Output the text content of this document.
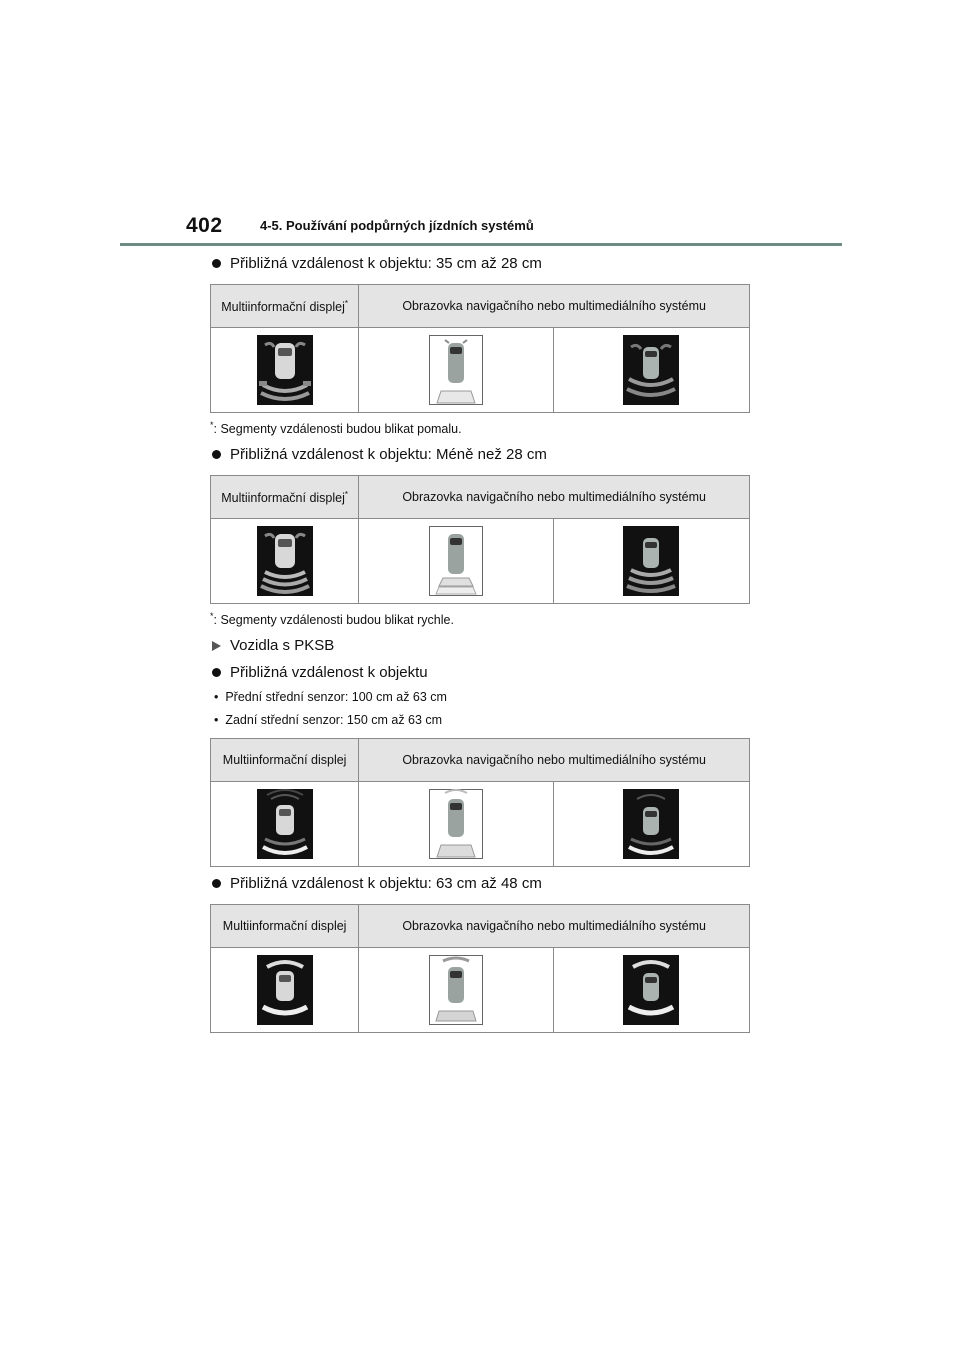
402	4-5. Používání podpůrných jízdních systémů
Přibližná vzdálenost k objektu: 35 cm až 28 cm
Multiinformační displej*	Obrazovka navigačního nebo multimediálního systému	

*: Segmenty vzdálenosti budou blikat pomalu.
Přibližná vzdálenost k objektu: Méně než 28 cm
Multiinformační displej*	Obrazovka navigačního nebo multimediálního systému	

*: Segmenty vzdálenosti budou blikat rychle.
Vozidla s PKSB
Přibližná vzdálenost k objektu
•  Přední střední senzor: 100 cm až 63 cm
•  Zadní střední senzor: 150 cm až 63 cm
Multiinformační displej	Obrazovka navigačního nebo multimediálního systému	

Přibližná vzdálenost k objektu: 63 cm až 48 cm
Multiinformační displej	Obrazovka navigačního nebo multimediálního systému	
